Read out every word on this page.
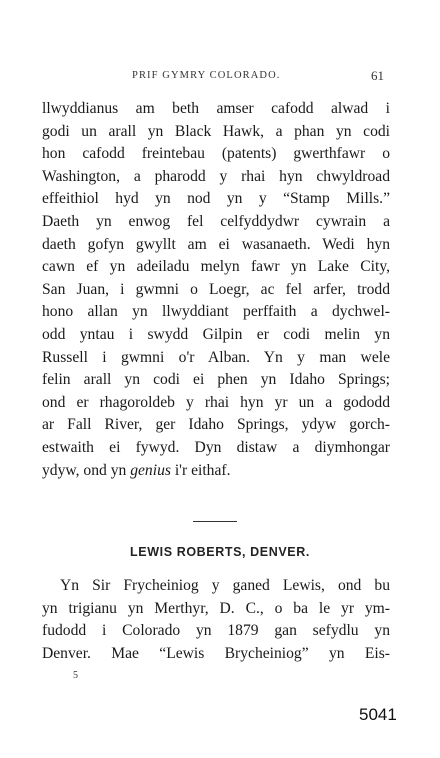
PRIF GYMRY COLORADO.	61
llwyddianus am beth amser cafodd alwad i
godi un arall yn Black Hawk, a phan yn codi
hon cafodd freintebau (patents) gwerthfawr o
Washington, a pharodd y rhai hyn chwyldroad
effeithiol hyd yn nod yn y “Stamp Mills.”
Daeth yn enwog fel celfyddydwr cywrain a
daeth gofyn gwyllt am ei wasanaeth. Wedi hyn
cawn ef yn adeiladu melyn fawr yn Lake City,
San Juan, i gwmni o Loegr, ac fel arfer, trodd
hono allan yn llwyddiant perffaith a dychwel-
odd yntau i swydd Gilpin er codi melin yn
Russell i gwmni o'r Alban. Yn y man wele
felin arall yn codi ei phen yn Idaho Springs;
ond er rhagoroldeb y rhai hyn yr un a gododd
ar Fall River, ger Idaho Springs, ydyw gorch-
estwaith ei fywyd. Dyn distaw a diymhongar
ydyw, ond yn genius i'r eithaf.
LEWIS ROBERTS, DENVER.
Yn Sir Frycheiniog y ganed Lewis, ond bu
yn trigianu yn Merthyr, D. C., o ba le yr ym-
fudodd i Colorado yn 1879 gan sefydlu yn
Denver. Mae “Lewis Brycheiniog” yn Eis-
5
5041
